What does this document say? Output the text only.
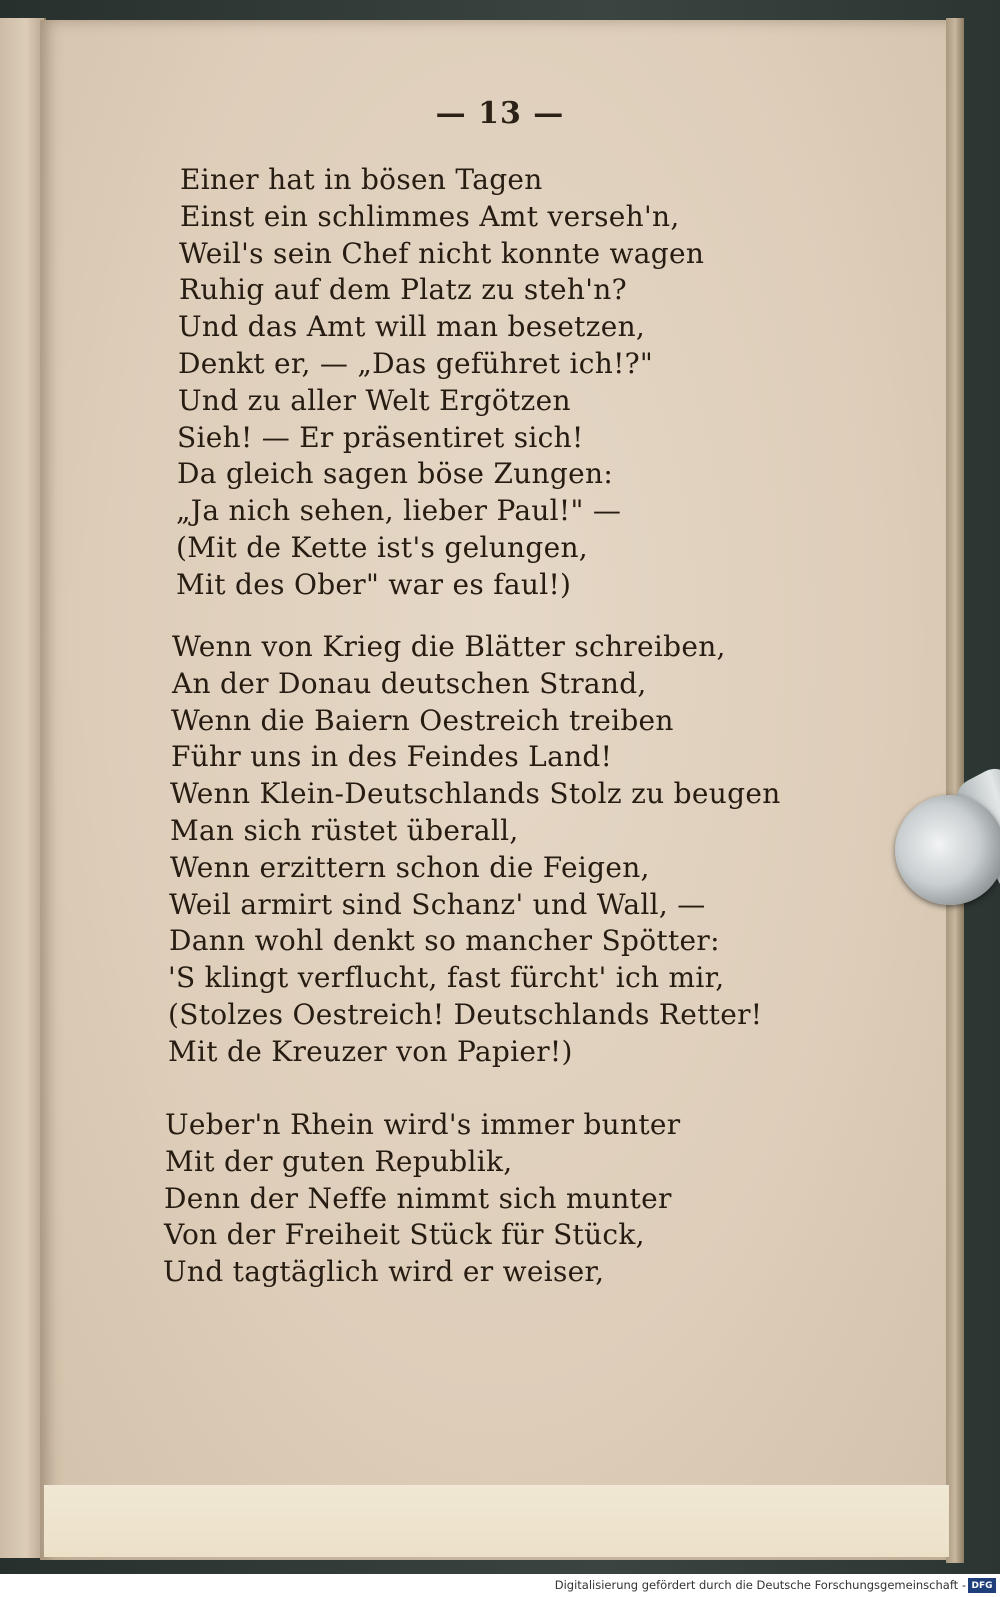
— 13 —
Einer hat in bösen Tagen
Einst ein schlimmes Amt verseh'n,
Weil's sein Chef nicht konnte wagen
Ruhig auf dem Platz zu steh'n?
Und das Amt will man besetzen,
Denkt er, — „Das geführet ich!?"
Und zu aller Welt Ergötzen
Sieh! — Er präsentiret sich!
Da gleich sagen böse Zungen:
„Ja nich sehen, lieber Paul!" —
(Mit de Kette ist's gelungen,
Mit des Ober" war es faul!)
Wenn von Krieg die Blätter schreiben,
An der Donau deutschen Strand,
Wenn die Baiern Oestreich treiben
Führ uns in des Feindes Land!
Wenn Klein-Deutschlands Stolz zu beugen
Man sich rüstet überall,
Wenn erzittern schon die Feigen,
Weil armirt sind Schanz' und Wall, —
Dann wohl denkt so mancher Spötter:
'S klingt verflucht, fast fürcht' ich mir,
(Stolzes Oestreich! Deutschlands Retter!
Mit de Kreuzer von Papier!)
Ueber'n Rhein wird's immer bunter
Mit der guten Republik,
Denn der Neffe nimmt sich munter
Von der Freiheit Stück für Stück,
Und tagtäglich wird er weiser,
Digitalisierung gefördert durch die Deutsche Forschungsgemeinschaft - DFG
